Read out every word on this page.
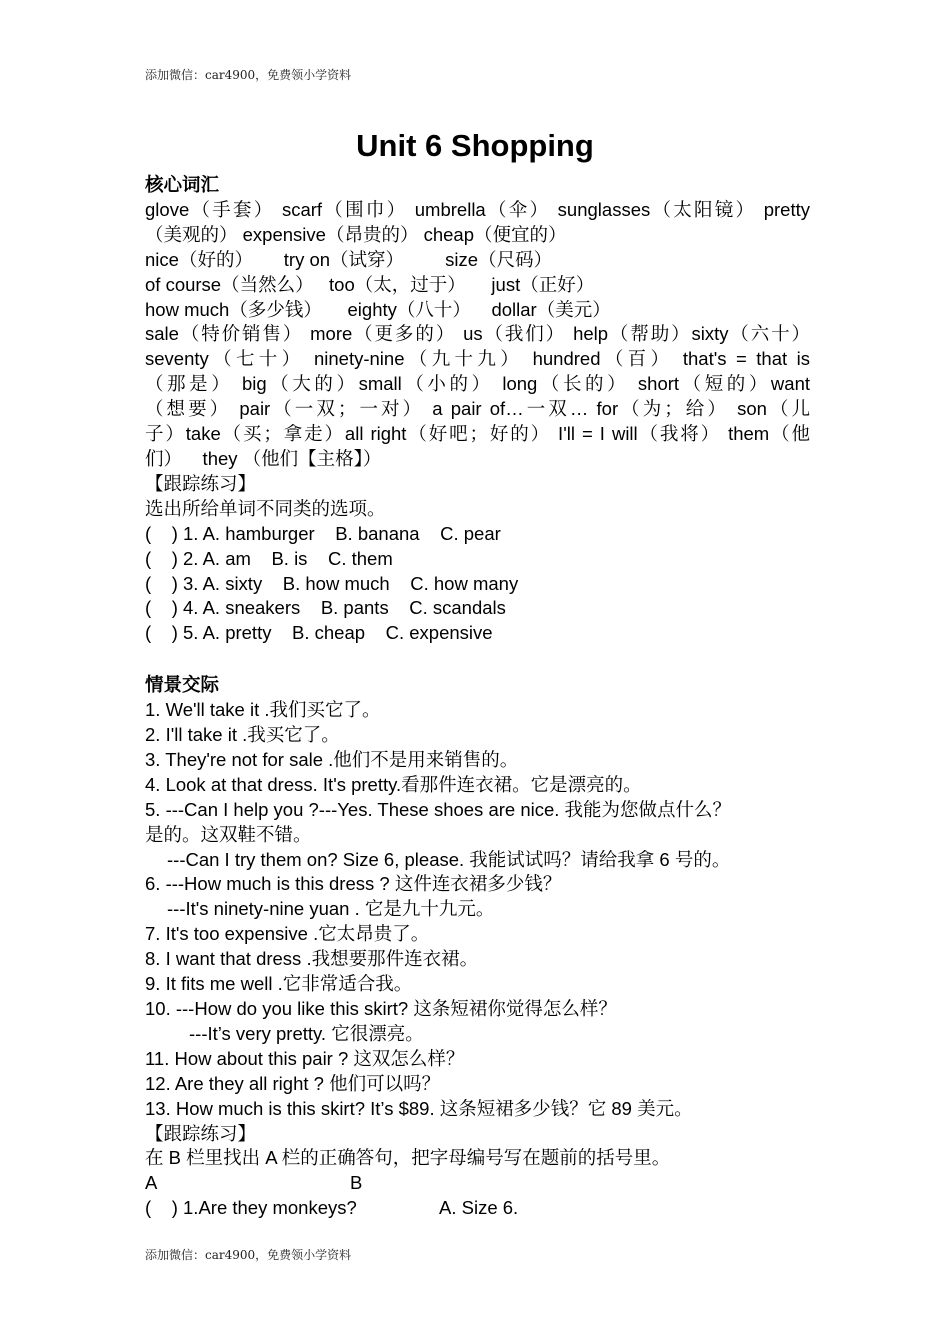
添加微信：car4900，免费领小学资料
Unit 6 Shopping

核心词汇

glove（手套） scarf（围巾） umbrella（伞） sunglasses（太阳镜） pretty

（美观的） expensive（昂贵的） cheap（便宜的）

nice（好的）      try on（试穿）        size（尺码）

of course（当然么）   too（太，过于）     just（正好）

how much（多少钱）     eighty（八十）    dollar（美元）

sale（特价销售） more（更多的） us（我们） help（帮助）sixty（六十）

seventy（七十） ninety-nine（九十九） hundred（百） that's = that is

（那是） big（大的）small（小的） long（长的） short（短的）want

（想要） pair（一双；一对） a pair of…一双… for（为；给） son（儿

子）take（买；拿走）all right（好吧；好的） I'll = I will（我将） them（他

们）    they （他们【主格】）

【跟踪练习】

选出所给单词不同类的选项。

(    ) 1. A. hamburger    B. banana    C. pear

(    ) 2. A. am    B. is    C. them

(    ) 3. A. sixty    B. how much    C. how many

(    ) 4. A. sneakers    B. pants    C. scandals

(    ) 5. A. pretty    B. cheap    C. expensive

情景交际

1. We'll take it .我们买它了。

2. I'll take it .我买它了。

3. They're not for sale .他们不是用来销售的。

4. Look at that dress. It's pretty.看那件连衣裙。它是漂亮的。

5. ---Can I help you ?---Yes. These shoes are nice. 我能为您做点什么？

是的。这双鞋不错。

---Can I try them on? Size 6, please. 我能试试吗？请给我拿 6 号的。

6. ---How much is this dress ? 这件连衣裙多少钱？

---It's ninety-nine yuan . 它是九十九元。

7. It's too expensive .它太昂贵了。

8. I want that dress .我想要那件连衣裙。

9. It fits me well .它非常适合我。

10. ---How do you like this skirt? 这条短裙你觉得怎么样？

---It’s very pretty. 它很漂亮。

11. How about this pair ? 这双怎么样？

12. Are they all right ? 他们可以吗？

13. How much is this skirt? It’s $89. 这条短裙多少钱？它 89 美元。

【跟踪练习】

在 B 栏里找出 A 栏的正确答句，把字母编号写在题前的括号里。

A	B
(    ) 1.Are they monkeys?	A. Size 6.
添加微信：car4900，免费领小学资料
